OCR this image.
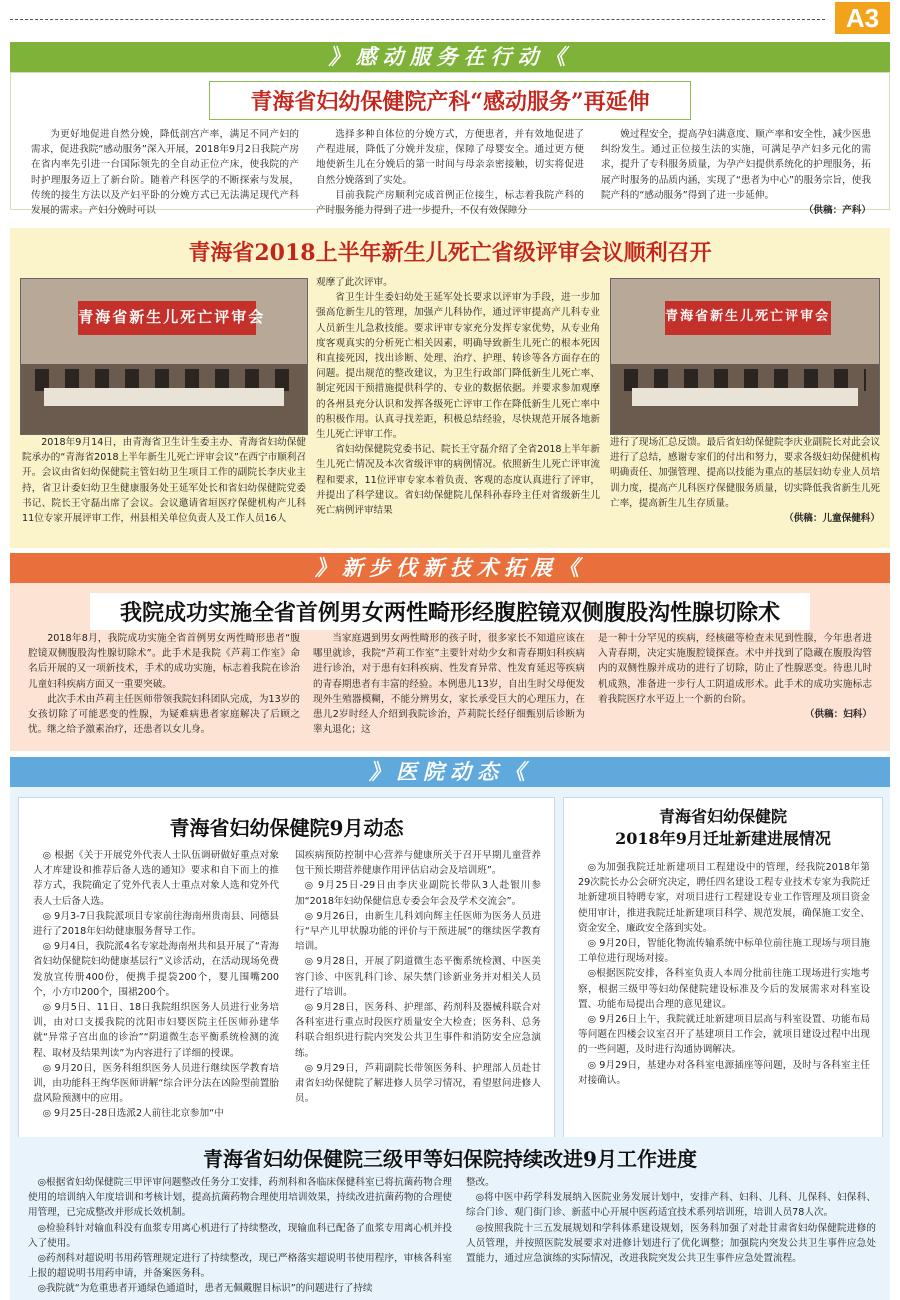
A3
》感动服务在行动《
青海省妇幼保健院产科“感动服务”再延伸

为更好地促进自然分娩，降低剖宫产率，满足不同产妇的需求，促进我院“感动服务”深入开展，2018年9月2日我院产房在省内率先引进一台国际领先的全自动正位产床，使我院的产时护理服务迈上了新台阶。随着产科医学的不断探索与发展，传统的接生方法以及产妇平卧的分娩方式已无法满足现代产科发展的需求。产妇分娩时可以

选择多种自体位的分娩方式，方便患者，并有效地促进了产程进展，降低了分娩并发症，保障了母婴安全。通过更方便地使新生儿在分娩后的第一时间与母亲亲密接触，切实将促进自然分娩落到了实处。

目前我院产房顺利完成首例正位接生，标志着我院产科的产时服务能力得到了进一步提升，不仅有效保障分

娩过程安全，提高孕妇满意度、顺产率和安全性，减少医患纠纷发生。通过正位接生法的实施，可满足孕产妇多元化的需求，提升了专科服务质量，为孕产妇提供系统化的护理服务，拓展产时服务的品质内涵，实现了“患者为中心”的服务宗旨，使我院产科的“感动服务”得到了进一步延伸。

（供稿：产科）

青海省2018上半年新生儿死亡省级评审会议顺利召开
青海省新生儿死亡评审会	青海省新生儿死亡评审会

2018年9月14日，由青海省卫生计生委主办、青海省妇幼保健院承办的“青海省2018上半年新生儿死亡评审会议”在西宁市顺利召开。会议由省妇幼保健院主管妇幼卫生项目工作的副院长李庆业主持，省卫计委妇幼卫生健康服务处王延军处长和省妇幼保健院党委书记、院长王守磊出席了会议。会议邀请省垣医疗保健机构产儿科11位专家开展评审工作，州县相关单位负责人及工作人员16人

观摩了此次评审。

省卫生计生委妇幼处王延军处长要求以评审为手段，进一步加强高危新生儿的管理，加强产儿科协作，通过评审提高产儿科专业人员新生儿急救技能。要求评审专家充分发挥专家优势，从专业角度客观真实的分析死亡相关因素，明确导致新生儿死亡的根本死因和直接死因，找出诊断、处理、治疗、护理、转诊等各方面存在的问题。提出规范的整改建议，为卫生行政部门降低新生儿死亡率、制定死因干预措施提供科学的、专业的数据依据。并要求参加观摩的各州县充分认识和发挥各级死亡评审工作在降低新生儿死亡率中的积极作用。认真寻找差距，积极总结经验，尽快规范开展各地新生儿死亡评审工作。

省妇幼保健院党委书记、院长王守磊介绍了全省2018上半年新生儿死亡情况及本次省级评审的病例情况。依照新生儿死亡评审流程和要求，11位评审专家本着负责、客观的态度认真进行了评审，并提出了科学建议。省妇幼保健院儿保科孙春玲主任对省级新生儿死亡病例评审结果

进行了现场汇总反馈。最后省妇幼保健院李庆业副院长对此会议进行了总结，感谢专家们的付出和努力，要求各级妇幼保健机构明确责任、加强管理、提高以技能为重点的基层妇幼专业人员培训力度，提高产儿科医疗保健服务质量，切实降低我省新生儿死亡率，提高新生儿生存质量。

（供稿：儿童保健科）

》新步伐新技术拓展《
我院成功实施全省首例男女两性畸形经腹腔镜双侧腹股沟性腺切除术

2018年8月，我院成功实施全省首例男女两性畸形患者“腹腔镜双侧腹股沟性腺切除术”。此手术是我院《芦莉工作室》命名后开展的又一项新技术，手术的成功实施，标志着我院在诊治儿童妇科疾病方面又一重要突破。

此次手术由芦莉主任医师带领我院妇科团队完成，为13岁的女孩切除了可能恶变的性腺，为疑难病患者家庭解决了后顾之忧。继之给予激素治疗，还患者以女儿身。

当家庭遇到男女两性畸形的孩子时，很多家长不知道应该在哪里就诊，我院“芦莉工作室”主要针对幼少女和青春期妇科疾病进行诊治，对于患有妇科疾病、性发育异常、性发育延迟等疾病的青春期患者有丰富的经验。本例患儿13岁，自出生时父母便发现外生殖器模糊，不能分辨男女，家长承受巨大的心理压力，在患儿2岁时经人介绍到我院诊治，芦莉院长经仔细甄别后诊断为睾丸退化；这

是一种十分罕见的疾病，经核磁等检查未见到性腺，今年患者进入青春期，决定实施腹腔镜探查。术中并找到了隐藏在腹股沟管内的双侧性腺并成功的进行了切除，防止了性腺恶变。待患儿时机成熟，准备进一步行人工阴道成形术。此手术的成功实施标志着我院医疗水平迈上一个新的台阶。

（供稿：妇科）

》医院动态《
青海省妇幼保健院9月动态

◎ 根据《关于开展党外代表人士队伍调研做好重点对象人才库建设和推荐后备人选的通知》要求和自下而上的推荐方式，我院确定了党外代表人士重点对象人选和党外代表人士后备人选。

◎ 9月3-7日我院派项目专家前往海南州贵南县、同德县进行了2018年妇幼健康服务督导工作。

◎ 9月4日，我院派4名专家赴海南州共和县开展了“青海省妇幼保健院妇幼健康基层行”义诊活动，在活动现场免费发放宣传册400份，便携手提袋200个，婴儿围嘴200个，小方巾200个，围裙200个。

◎ 9月5日、11日、18日我院组织医务人员进行业务培训，由对口支援我院的沈阳市妇婴医院主任医师孙建华就“异常子宫出血的诊治”“阴道微生态平衡系统检测的流程、取材及结果判读”为内容进行了详细的授课。

◎ 9月20日，医务科组织医务人员进行继续医学教育培训，由功能科王绚华医师讲解“综合评分法在凶险型前置胎盘风险预测中的应用。

◎ 9月25日-28日选派2人前往北京参加“中

国疾病预防控制中心营养与健康所关于召开早期儿童营养包干预长期营养健康作用评估启动会及培训班”。

◎ 9月25日-29日由李庆业副院长带队3人赴银川参加“2018年妇幼保健信息专委会年会及学术交流会”。

◎ 9月26日，由新生儿科刘向辉主任医师为医务人员进行“早产儿甲状腺功能的评价与干预进展”的继续医学教育培训。

◎ 9月28日，开展了阴道微生态平衡系统检测、中医美容门诊、中医乳科门诊、尿失禁门诊新业务并对相关人员进行了培训。

◎ 9月28日，医务科、护理部、药剂科及器械科联合对各科室进行重点时段医疗质量安全大检查；医务科、总务科联合组织进行院内突发公共卫生事件和消防安全应急演练。

◎ 9月29日，芦莉副院长带领医务科、护理部人员赴甘肃省妇幼保健院了解进修人员学习情况，看望慰问进修人员。

青海省妇幼保健院
2018年9月迁址新建进展情况

◎为加强我院迁址新建项目工程建设中的管理，经我院2018年第29次院长办公会研究决定，聘任四名建设工程专业技术专家为我院迁址新建项目特聘专家，对项目进行工程建设专业工作管理及项目资金使用审计，推进我院迁址新建项目科学、规范发展，确保施工安全、资金安全、廉政安全落到实处。

◎ 9月20日，智能化物流传输系统中标单位前往施工现场与项目施工单位进行现场对接。

◎根据医院安排，各科室负责人本周分批前往施工现场进行实地考察，根据三级甲等妇幼保健院建设标准及今后的发展需求对科室设置、功能布局提出合理的意见建议。

◎ 9月26日上午，我院就迁址新建项目层高与科室设置、功能布局等问题在四楼会议室召开了基建项目工作会，就项目建设过程中出现的一些问题，及时进行沟通协调解决。

◎ 9月29日，基建办对各科室电源插座等问题，及时与各科室主任对接确认。

青海省妇幼保健院三级甲等妇保院持续改进9月工作进度

◎根据省妇幼保健院三甲评审问题整改任务分工安排，药剂科和各临床保健科室已将抗菌药物合理使用的培训纳入年度培训和考核计划，提高抗菌药物合理使用培训效果，持续改进抗菌药物的合理使用管理，已完成整改并形成长效机制。

◎检验科针对输血科没有血浆专用离心机进行了持续整改，现输血科已配备了血浆专用离心机并投入了使用。

◎药剂科对超说明书用药管理规定进行了持续整改，现已严格落实超说明书使用程序，审核各科室上报的超说明书用药申请，并备案医务科。

◎我院就“为危重患者开通绿色通道时，患者无佩戴腥目标识”的问题进行了持续

整改。

◎将中医中药学科发展纳入医院业务发展计划中，安排产科、妇科、儿科、儿保科、妇保科、综合门诊、观门街门诊、新蓝中心开展中医药适宜技术系列培训班，培训人员78人次。

◎按照我院十三五发展规划和学科体系建设规划，医务科加强了对赴甘肃省妇幼保健院进修的人员管理，并按照医院发展要求对进修计划进行了优化调整；加强院内突发公共卫生事件应急处置能力，通过应急演练的实际情况，改进我院突发公共卫生事件应急处置流程。
